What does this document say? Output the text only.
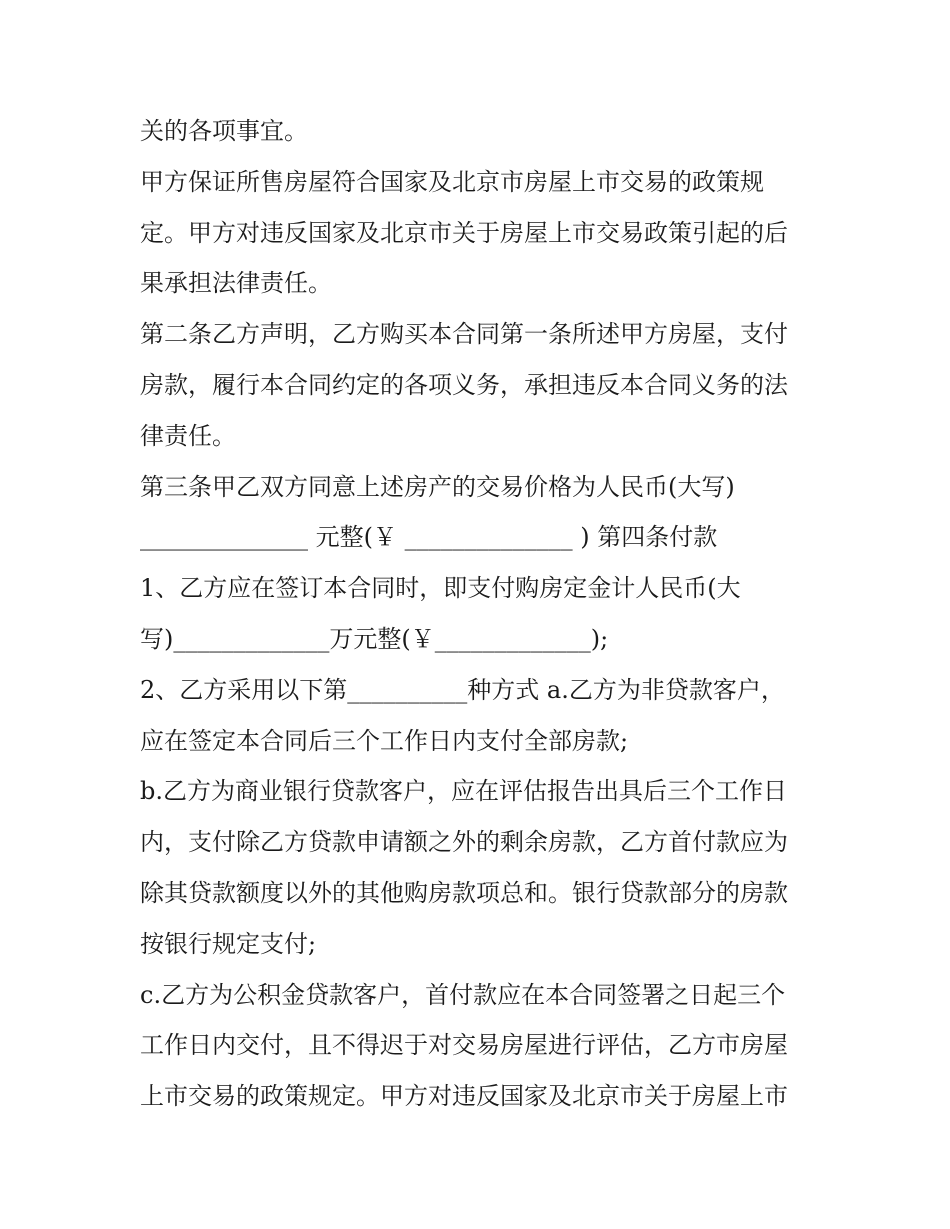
关的各项事宜。
甲方保证所售房屋符合国家及北京市房屋上市交易的政策规
定。甲方对违反国家及北京市关于房屋上市交易政策引起的后
果承担法律责任。
第二条乙方声明，乙方购买本合同第一条所述甲方房屋，支付
房款，履行本合同约定的各项义务，承担违反本合同义务的法
律责任。
第三条甲乙双方同意上述房产的交易价格为人民币(大写)
______________ 元整(￥ ______________ ) 第四条付款
1、乙方应在签订本合同时，即支付购房定金计人民币(大
写)_____________万元整(￥_____________);
2、乙方采用以下第__________种方式 a.乙方为非贷款客户，
应在签定本合同后三个工作日内支付全部房款;
b.乙方为商业银行贷款客户，应在评估报告出具后三个工作日
内，支付除乙方贷款申请额之外的剩余房款，乙方首付款应为
除其贷款额度以外的其他购房款项总和。银行贷款部分的房款
按银行规定支付;
c.乙方为公积金贷款客户，首付款应在本合同签署之日起三个
工作日内交付，且不得迟于对交易房屋进行评估，乙方市房屋
上市交易的政策规定。甲方对违反国家及北京市关于房屋上市
